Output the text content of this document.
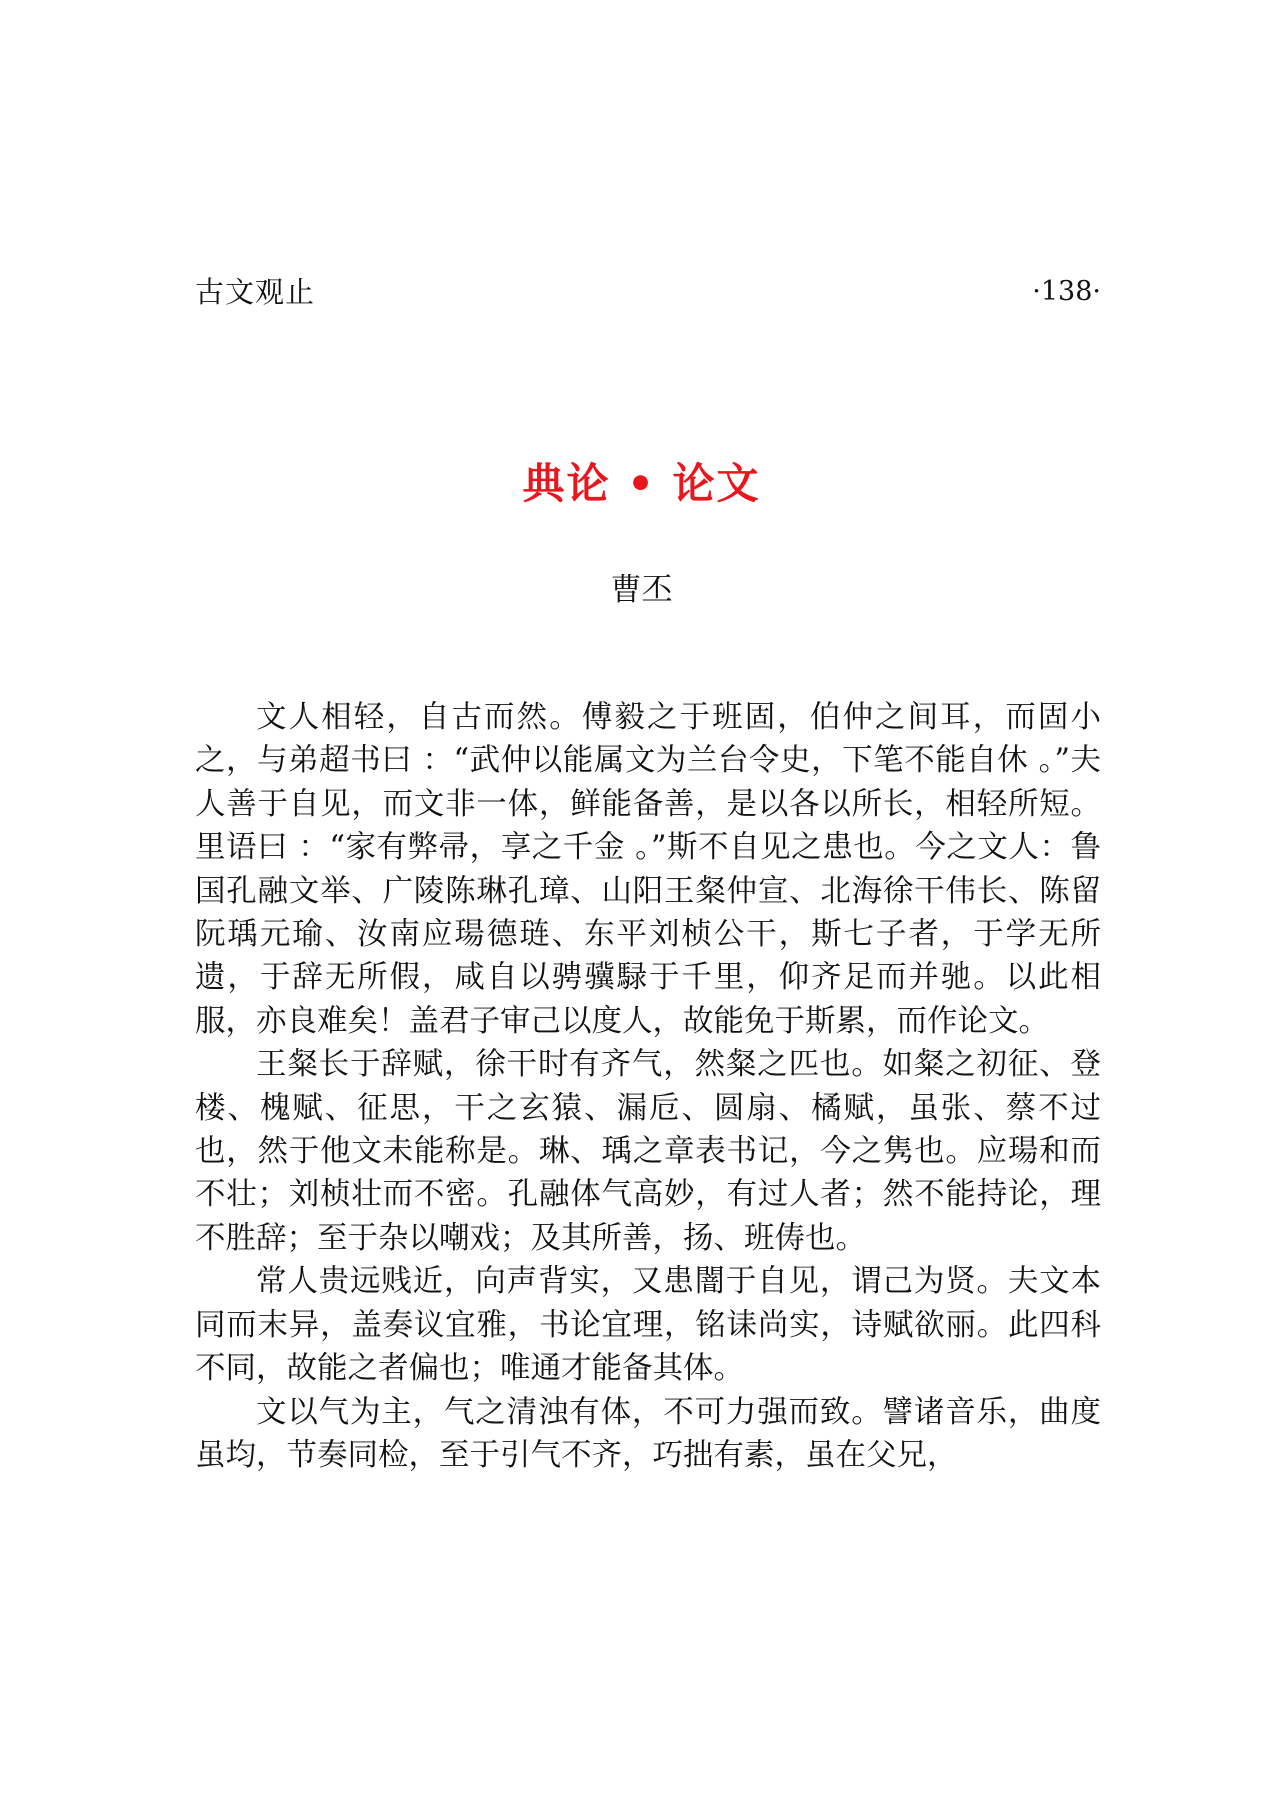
古文观止	·138·
典论 • 论文
曹丕

文人相轻，自古而然。傅毅之于班固，伯仲之间耳，而固小之，与弟超书曰 ：“武仲以能属文为兰台令史，下笔不能自休 。”夫人善于自见，而文非一体，鲜能备善，是以各以所长，相轻所短。里语曰 ：“家有弊帚，享之千金 。”斯不自见之患也。今之文人：鲁国孔融文举、广陵陈琳孔璋、山阳王粲仲宣、北海徐干伟长、陈留阮瑀元瑜、汝南应瑒德琏、东平刘桢公干，斯七子者，于学无所遗，于辞无所假，咸自以骋骥騄于千里，仰齐足而并驰。以此相服，亦良难矣！盖君子审己以度人，故能免于斯累，而作论文。

王粲长于辞赋，徐干时有齐气，然粲之匹也。如粲之初征、登楼、槐赋、征思，干之玄猿、漏卮、圆扇、橘赋，虽张、蔡不过也，然于他文未能称是。琳、瑀之章表书记，今之隽也。应瑒和而不壮；刘桢壮而不密。孔融体气高妙，有过人者；然不能持论，理不胜辞；至于杂以嘲戏；及其所善，扬、班俦也。

常人贵远贱近，向声背实，又患闇于自见，谓己为贤。夫文本同而末异，盖奏议宜雅，书论宜理，铭诔尚实，诗赋欲丽。此四科不同，故能之者偏也；唯通才能备其体。

文以气为主，气之清浊有体，不可力强而致。譬诸音乐，曲度虽均，节奏同检，至于引气不齐，巧拙有素，虽在父兄，
